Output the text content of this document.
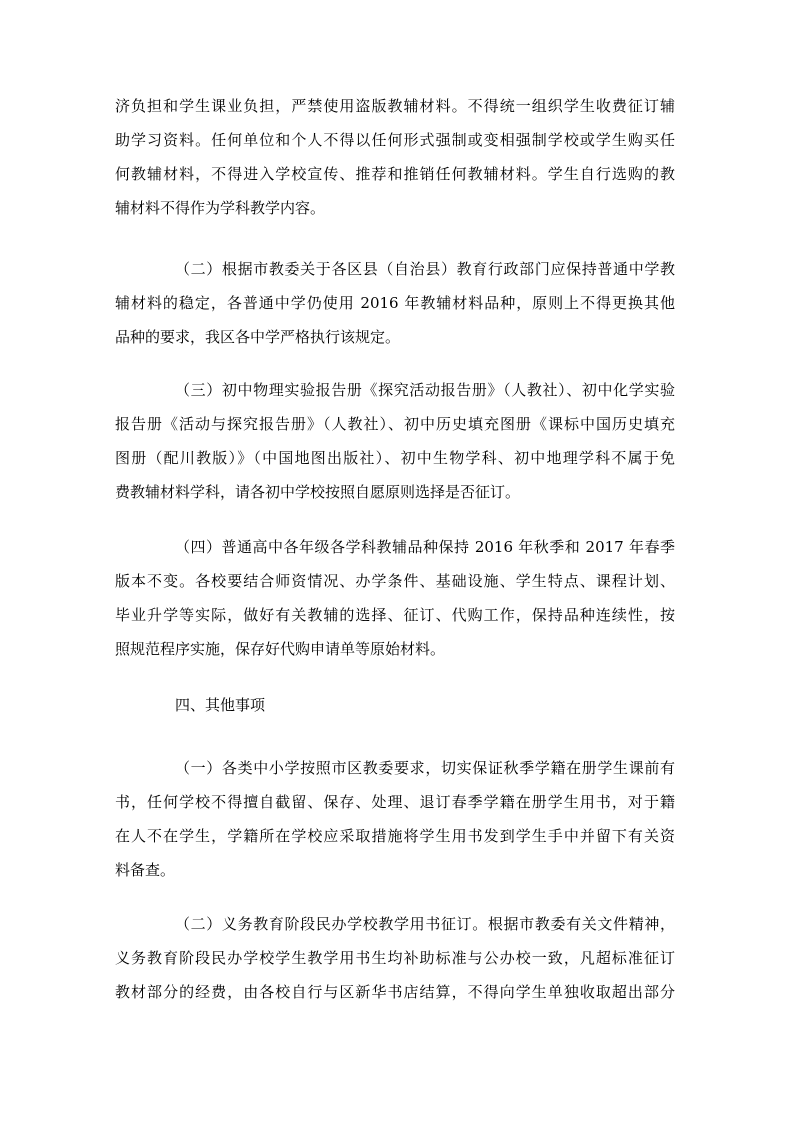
济负担和学生课业负担，严禁使用盗版教辅材料。不得统一组织学生收费征订辅
助学习资料。任何单位和个人不得以任何形式强制或变相强制学校或学生购买任
何教辅材料，不得进入学校宣传、推荐和推销任何教辅材料。学生自行选购的教
辅材料不得作为学科教学内容。
（二）根据市教委关于各区县（自治县）教育行政部门应保持普通中学教
辅材料的稳定，各普通中学仍使用 2016 年教辅材料品种，原则上不得更换其他
品种的要求，我区各中学严格执行该规定。
（三）初中物理实验报告册《探究活动报告册》（人教社）、初中化学实验
报告册《活动与探究报告册》（人教社）、初中历史填充图册《课标中国历史填充
图册（配川教版）》（中国地图出版社）、初中生物学科、初中地理学科不属于免
费教辅材料学科，请各初中学校按照自愿原则选择是否征订。
（四）普通高中各年级各学科教辅品种保持 2016 年秋季和 2017 年春季
版本不变。各校要结合师资情况、办学条件、基础设施、学生特点、课程计划、
毕业升学等实际，做好有关教辅的选择、征订、代购工作，保持品种连续性，按
照规范程序实施，保存好代购申请单等原始材料。
四、其他事项
（一）各类中小学按照市区教委要求，切实保证秋季学籍在册学生课前有
书，任何学校不得擅自截留、保存、处理、退订春季学籍在册学生用书，对于籍
在人不在学生，学籍所在学校应采取措施将学生用书发到学生手中并留下有关资
料备查。
（二）义务教育阶段民办学校教学用书征订。根据市教委有关文件精神，
义务教育阶段民办学校学生教学用书生均补助标准与公办校一致，凡超标准征订
教材部分的经费，由各校自行与区新华书店结算，不得向学生单独收取超出部分
